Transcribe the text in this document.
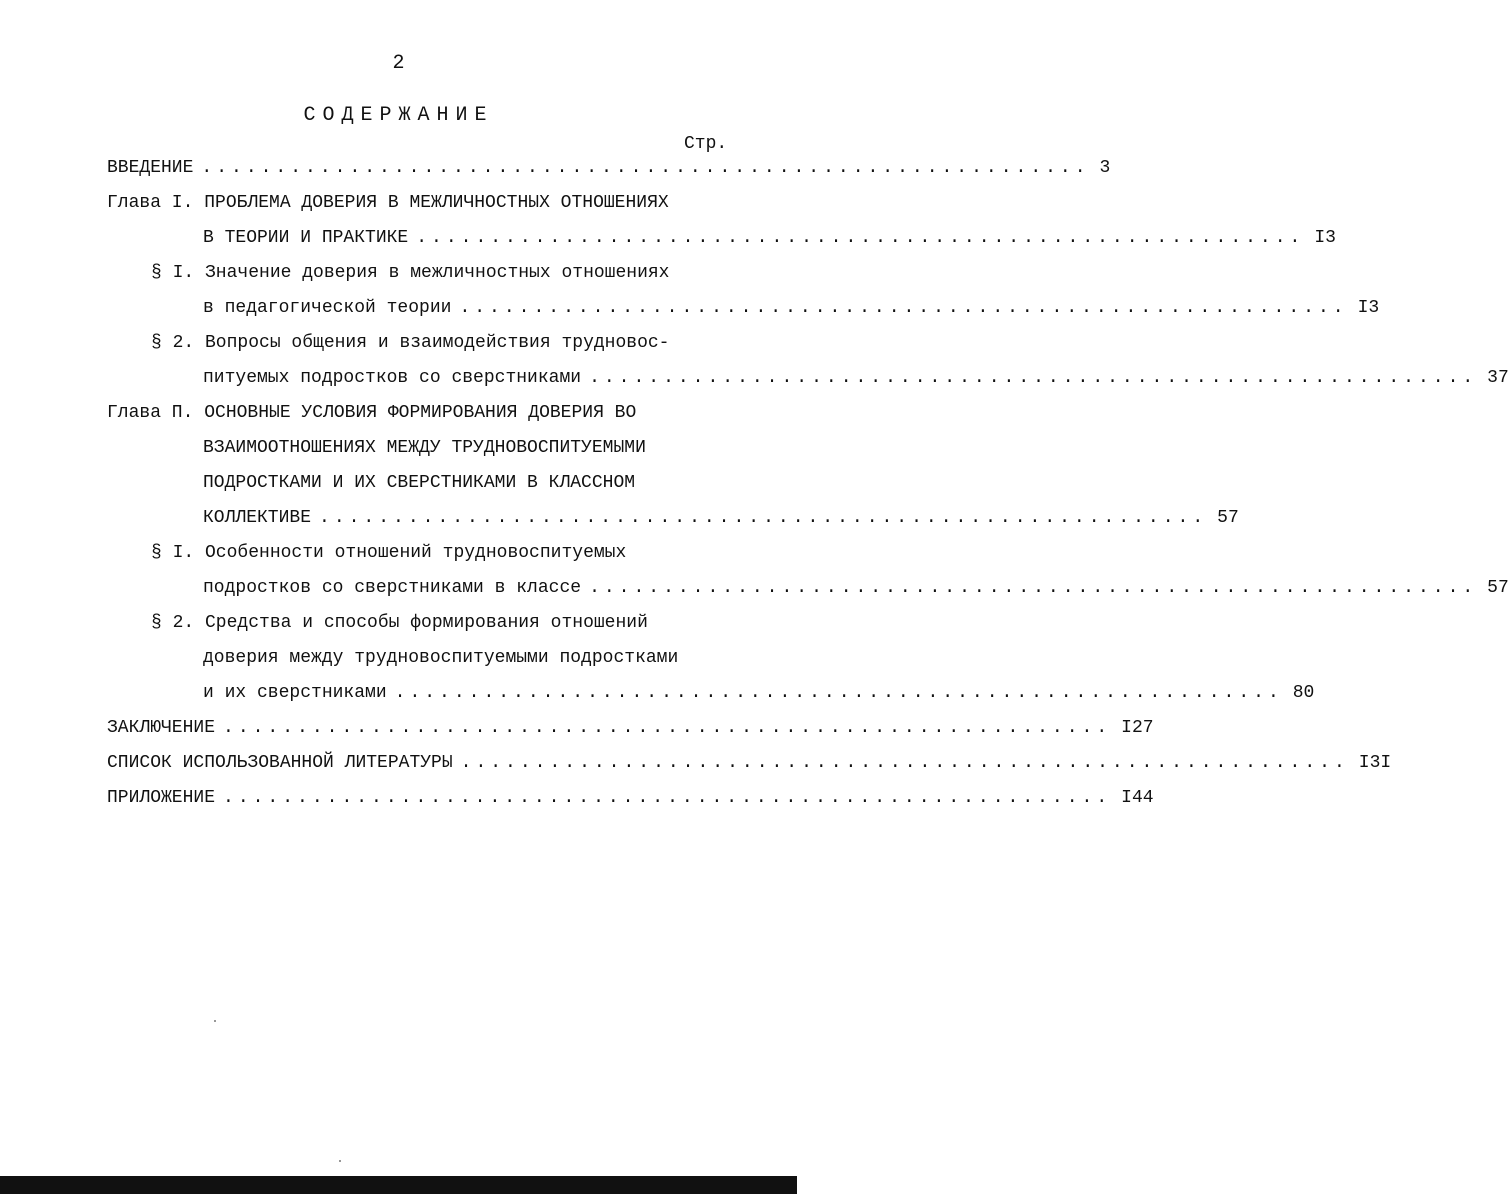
2
СОДЕРЖАНИЕ
Стр.
ВВЕДЕНИЕ ............................................................ 3
Глава I. ПРОБЛЕМА ДОВЕРИЯ В МЕЖЛИЧНОСТНЫХ ОТНОШЕНИЯХ
В ТЕОРИИ И ПРАКТИКЕ ............................................................ I3
§ I. Значение доверия в межличностных отношениях
в педагогической теории ............................................................ I3
§ 2. Вопросы общения и взаимодействия трудновос-
питуемых подростков со сверстниками ............................................................ 37
Глава П. ОСНОВНЫЕ УСЛОВИЯ ФОРМИРОВАНИЯ ДОВЕРИЯ ВО
ВЗАИМООТНОШЕНИЯХ МЕЖДУ ТРУДНОВОСПИТУЕМЫМИ
ПОДРОСТКАМИ И ИХ СВЕРСТНИКАМИ В КЛАССНОМ
КОЛЛЕКТИВЕ ............................................................ 57
§ I. Особенности отношений трудновоспитуемых
подростков со сверстниками в классе ............................................................ 57
§ 2. Средства и способы формирования отношений
доверия между трудновоспитуемыми подростками
и их сверстниками ............................................................ 80
ЗАКЛЮЧЕНИЕ ............................................................ I27
СПИСОК ИСПОЛЬЗОВАННОЙ ЛИТЕРАТУРЫ ............................................................ I3I
ПРИЛОЖЕНИЕ ............................................................ I44
